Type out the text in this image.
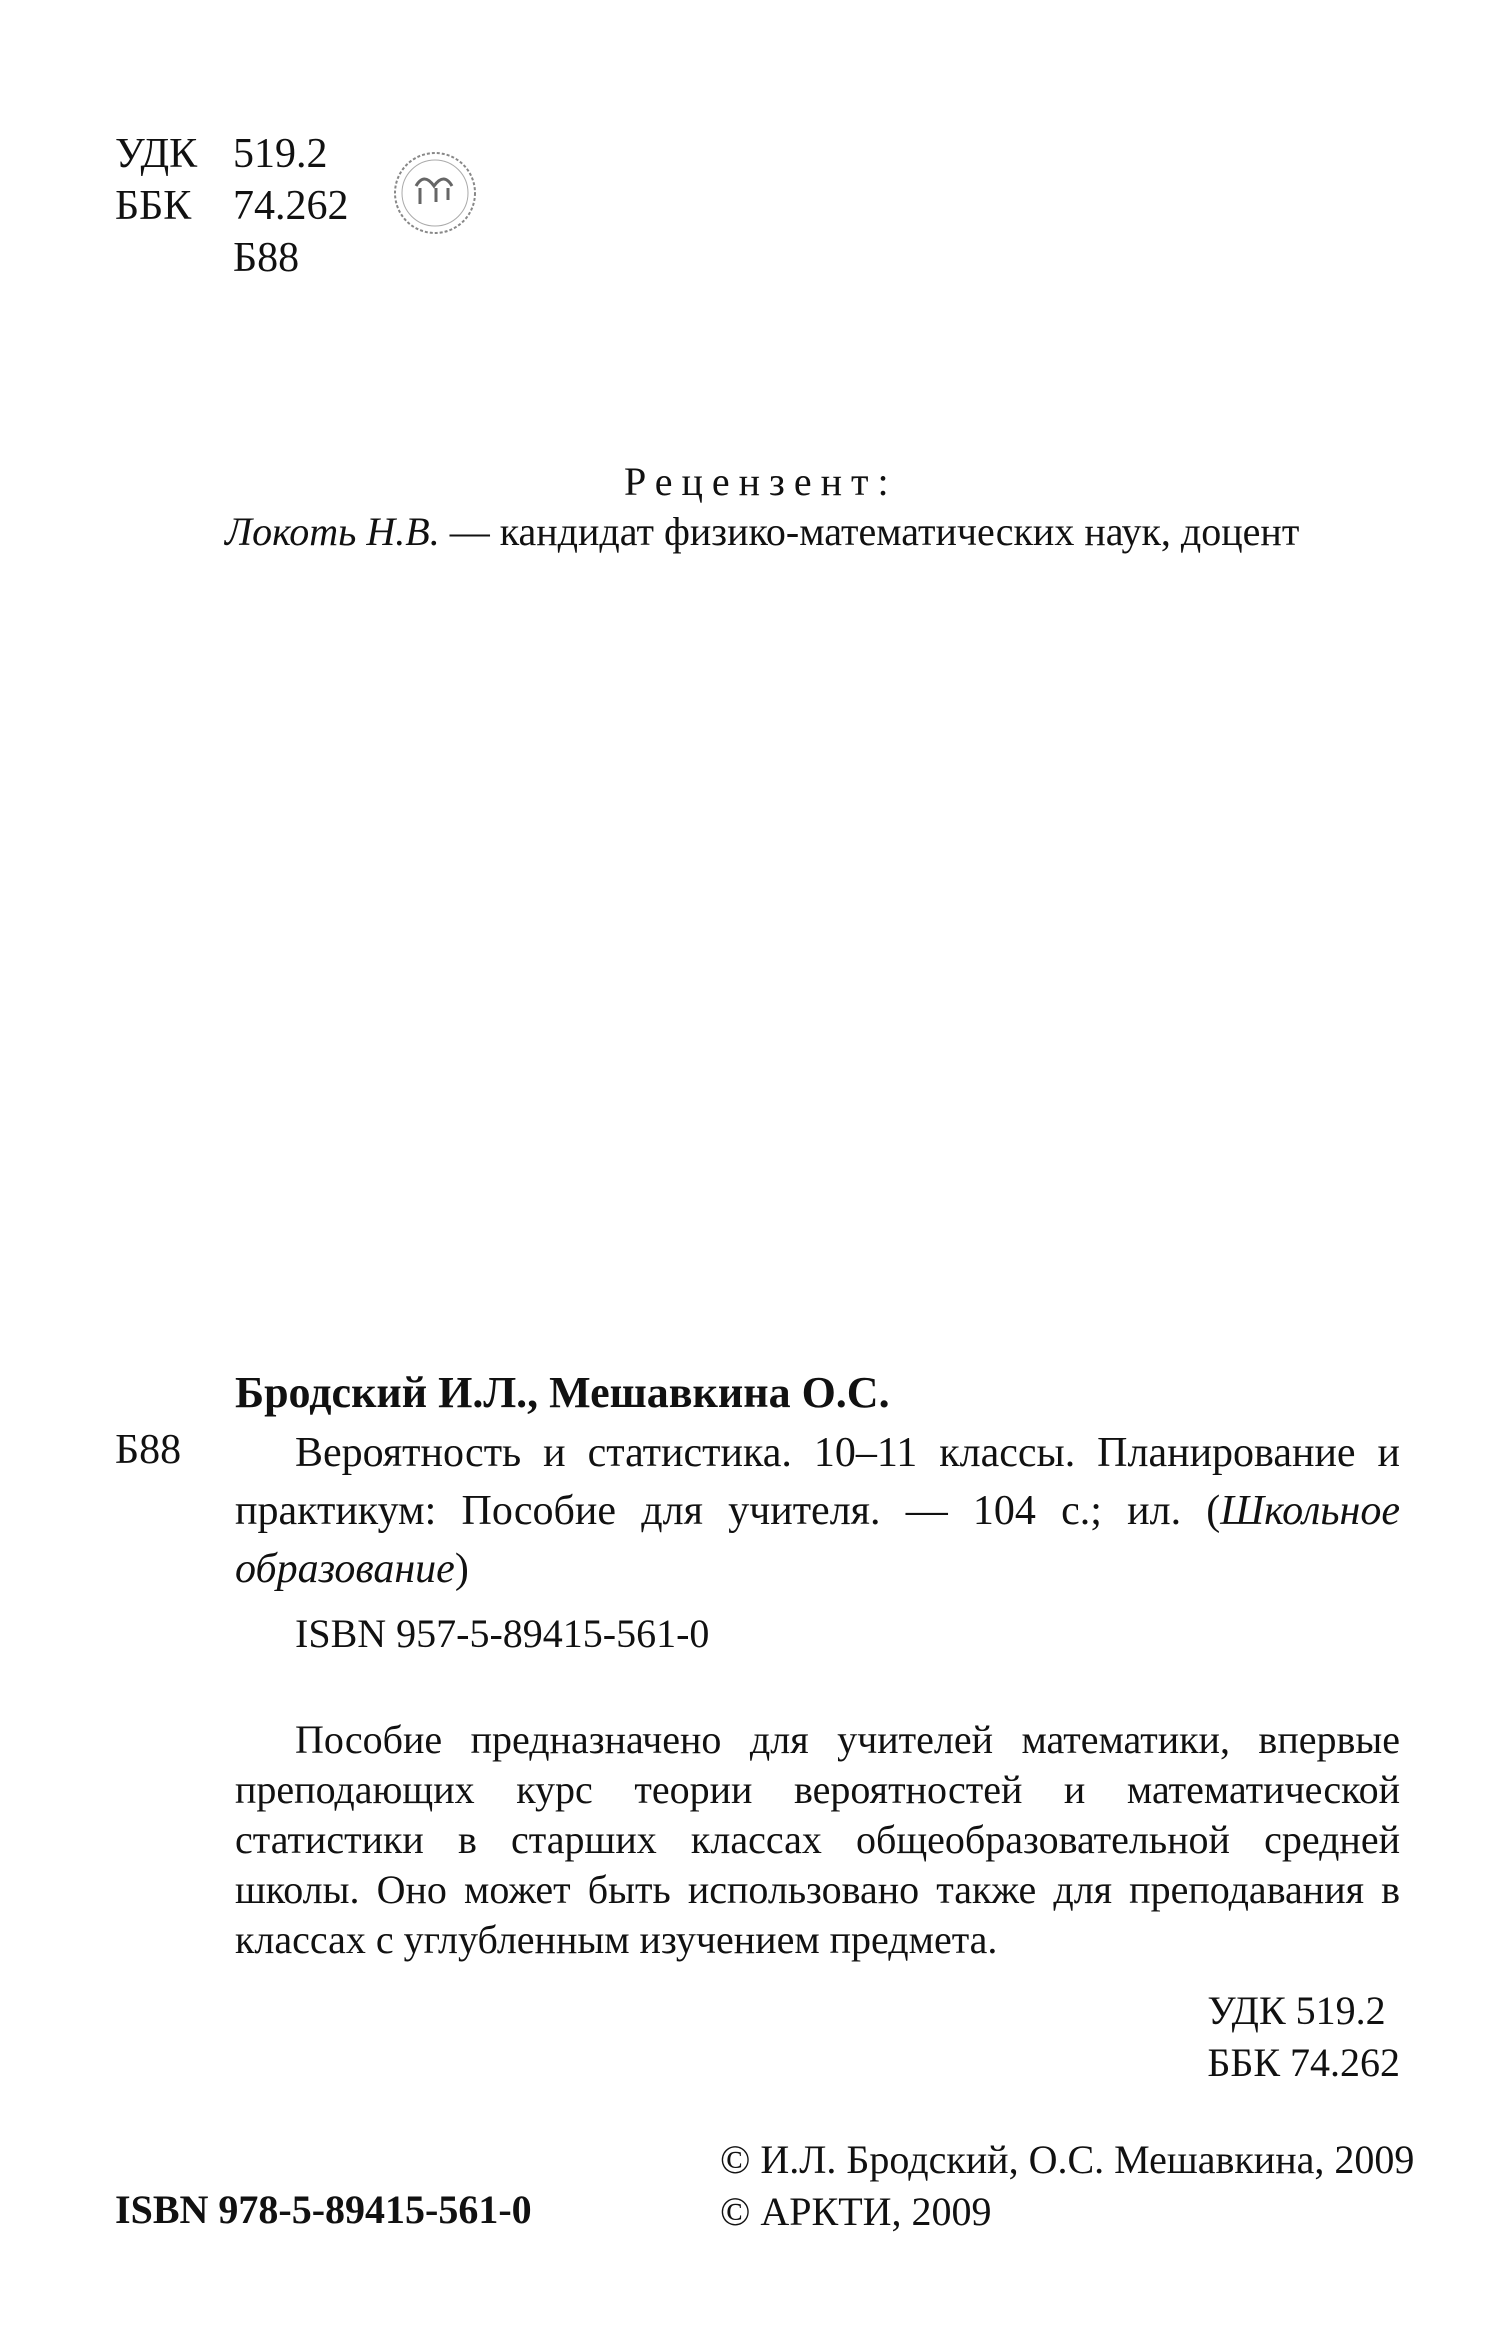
УДК 519.2
ББК 74.262
Б88
Рецензент:
Локоть Н.В. — кандидат физико-математических наук, доцент
Бродский И.Л., Мешавкина О.С.
Б88	Вероятность и статистика. 10–11 классы. Планирование и практикум: Пособие для учителя. — 104 с.; ил. (Школьное образование)
ISBN 957-5-89415-561-0
Пособие предназначено для учителей математики, впервые преподающих курс теории вероятностей и математической статистики в старших классах общеобразовательной средней школы. Оно может быть использовано также для преподавания в классах с углубленным изучением предмета.
УДК 519.2
ББК 74.262
© И.Л. Бродский, О.С. Мешавкина, 2009
© АРКТИ, 2009
ISBN 978-5-89415-561-0
